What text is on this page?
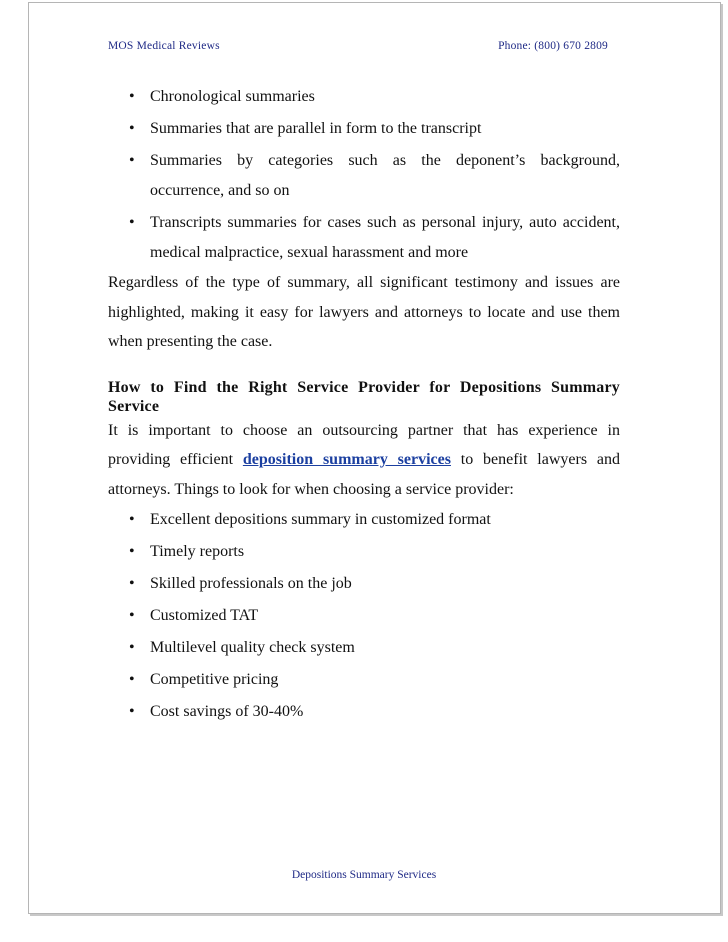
MOS Medical Reviews	Phone: (800) 670 2809
• Chronological summaries
• Summaries that are parallel in form to the transcript
• Summaries by categories such as the deponent’s background, occurrence, and so on
• Transcripts summaries for cases such as personal injury, auto accident, medical malpractice, sexual harassment and more

Regardless of the type of summary, all significant testimony and issues are highlighted, making it easy for lawyers and attorneys to locate and use them when presenting the case.

How to Find the Right Service Provider for Depositions Summary Service

It is important to choose an outsourcing partner that has experience in providing efficient deposition summary services to benefit lawyers and attorneys. Things to look for when choosing a service provider:

• Excellent depositions summary in customized format
• Timely reports
• Skilled professionals on the job
• Customized TAT
• Multilevel quality check system
• Competitive pricing
• Cost savings of 30-40%
Depositions Summary Services
